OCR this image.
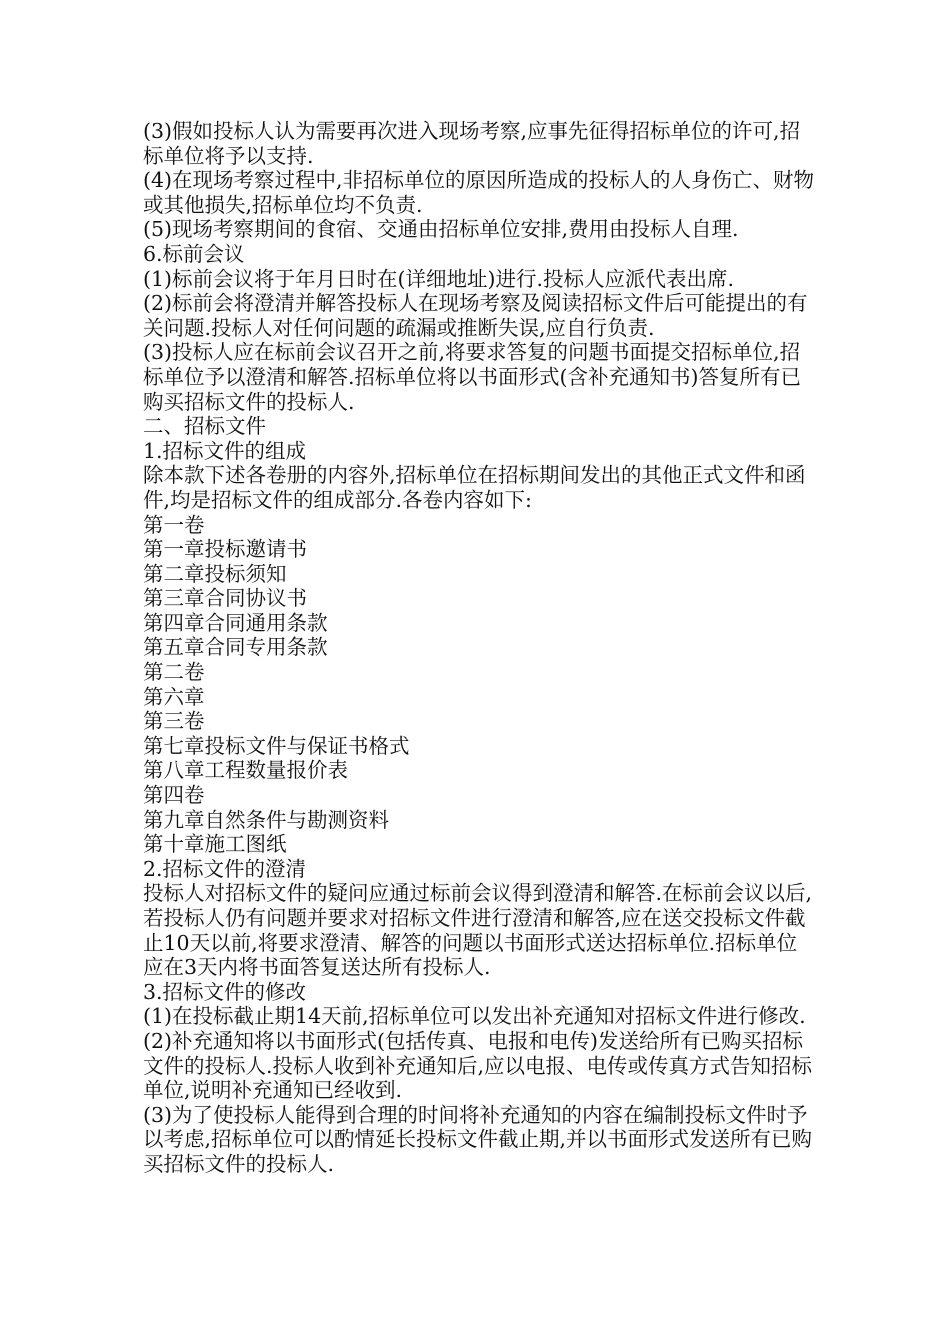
(3)假如投标人认为需要再次进入现场考察,应事先征得招标单位的许可,招标单位将予以支持.

(4)在现场考察过程中,非招标单位的原因所造成的投标人的人身伤亡、财物或其他损失,招标单位均不负责.

(5)现场考察期间的食宿、交通由招标单位安排,费用由投标人自理.

6.标前会议

(1)标前会议将于年月日时在(详细地址)进行.投标人应派代表出席.

(2)标前会将澄清并解答投标人在现场考察及阅读招标文件后可能提出的有关问题.投标人对任何问题的疏漏或推断失误,应自行负责.

(3)投标人应在标前会议召开之前,将要求答复的问题书面提交招标单位,招标单位予以澄清和解答.招标单位将以书面形式(含补充通知书)答复所有已购买招标文件的投标人.

二、招标文件

1.招标文件的组成

除本款下述各卷册的内容外,招标单位在招标期间发出的其他正式文件和函件,均是招标文件的组成部分.各卷内容如下:

第一卷

第一章投标邀请书

第二章投标须知

第三章合同协议书

第四章合同通用条款

第五章合同专用条款

第二卷

第六章

第三卷

第七章投标文件与保证书格式

第八章工程数量报价表

第四卷

第九章自然条件与勘测资料

第十章施工图纸

2.招标文件的澄清

投标人对招标文件的疑问应通过标前会议得到澄清和解答.在标前会议以后,若投标人仍有问题并要求对招标文件进行澄清和解答,应在送交投标文件截止10天以前,将要求澄清、解答的问题以书面形式送达招标单位.招标单位应在3天内将书面答复送达所有投标人.

3.招标文件的修改

(1)在投标截止期14天前,招标单位可以发出补充通知对招标文件进行修改.

(2)补充通知将以书面形式(包括传真、电报和电传)发送给所有已购买招标文件的投标人.投标人收到补充通知后,应以电报、电传或传真方式告知招标单位,说明补充通知已经收到.

(3)为了使投标人能得到合理的时间将补充通知的内容在编制投标文件时予以考虑,招标单位可以酌情延长投标文件截止期,并以书面形式发送所有已购买招标文件的投标人.
